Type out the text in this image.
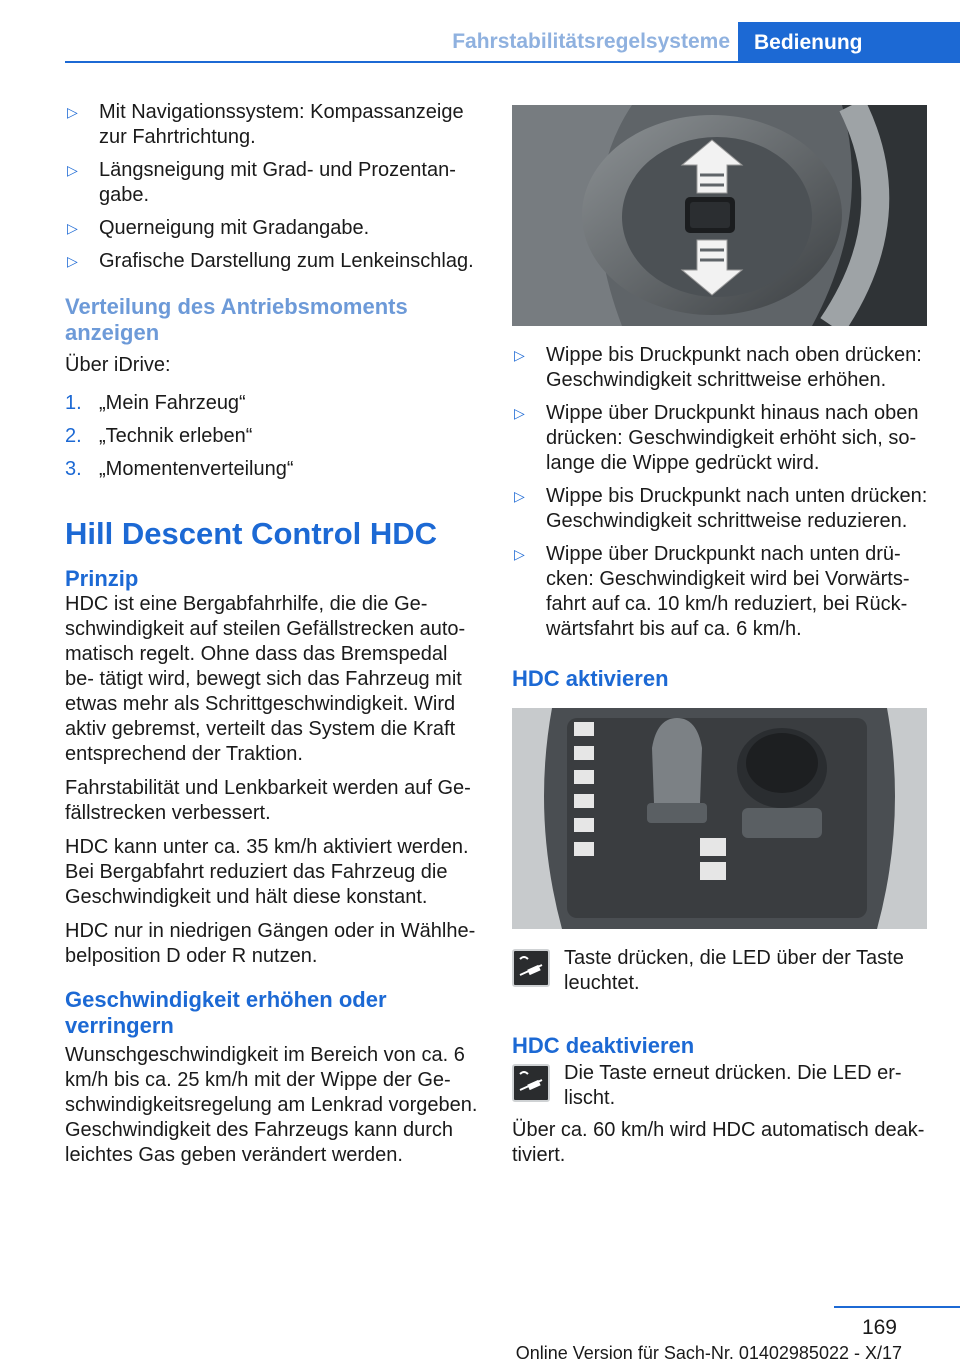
Fahrstabilitätsregelsysteme	Bedienung
▷ Mit Navigationssystem: Kompassanzeige zur Fahrtrichtung.
▷ Längsneigung mit Grad- und Prozentan‐ gabe.
▷ Querneigung mit Gradangabe.
▷ Grafische Darstellung zum Lenkeinschlag.
Verteilung des Antriebsmoments anzeigen

Über iDrive:

1. „Mein Fahrzeug“
2. „Technik erleben“
3. „Momentenverteilung“
Hill Descent Control HDC
Prinzip

HDC ist eine Bergabfahrhilfe, die die Ge‐ schwindigkeit auf steilen Gefällstrecken auto‐ matisch regelt. Ohne dass das Bremspedal be‐ tätigt wird, bewegt sich das Fahrzeug mit etwas mehr als Schrittgeschwindigkeit. Wird aktiv gebremst, verteilt das System die Kraft entsprechend der Traktion.

Fahrstabilität und Lenkbarkeit werden auf Ge‐ fällstrecken verbessert.

HDC kann unter ca. 35 km/h aktiviert werden. Bei Bergabfahrt reduziert das Fahrzeug die Geschwindigkeit und hält diese konstant.

HDC nur in niedrigen Gängen oder in Wählhe‐ belposition D oder R nutzen.

Geschwindigkeit erhöhen oder verringern

Wunschgeschwindigkeit im Bereich von ca. 6 km/h bis ca. 25 km/h mit der Wippe der Ge‐ schwindigkeitsregelung am Lenkrad vorgeben.

Geschwindigkeit des Fahrzeugs kann durch leichtes Gas geben verändert werden.

▷ Wippe bis Druckpunkt nach oben drücken: Geschwindigkeit schrittweise erhöhen.
▷ Wippe über Druckpunkt hinaus nach oben drücken: Geschwindigkeit erhöht sich, so‐ lange die Wippe gedrückt wird.
▷ Wippe bis Druckpunkt nach unten drücken: Geschwindigkeit schrittweise reduzieren.
▷ Wippe über Druckpunkt nach unten drü‐ cken: Geschwindigkeit wird bei Vorwärts‐ fahrt auf ca. 10 km/h reduziert, bei Rück‐ wärtsfahrt bis auf ca. 6 km/h.
HDC aktivieren

Taste drücken, die LED über der Taste leuchtet.

HDC deaktivieren

Die Taste erneut drücken. Die LED er‐ lischt.

Über ca. 60 km/h wird HDC automatisch deak‐ tiviert.

169
Online Version für Sach-Nr. 01402985022 - X/17
